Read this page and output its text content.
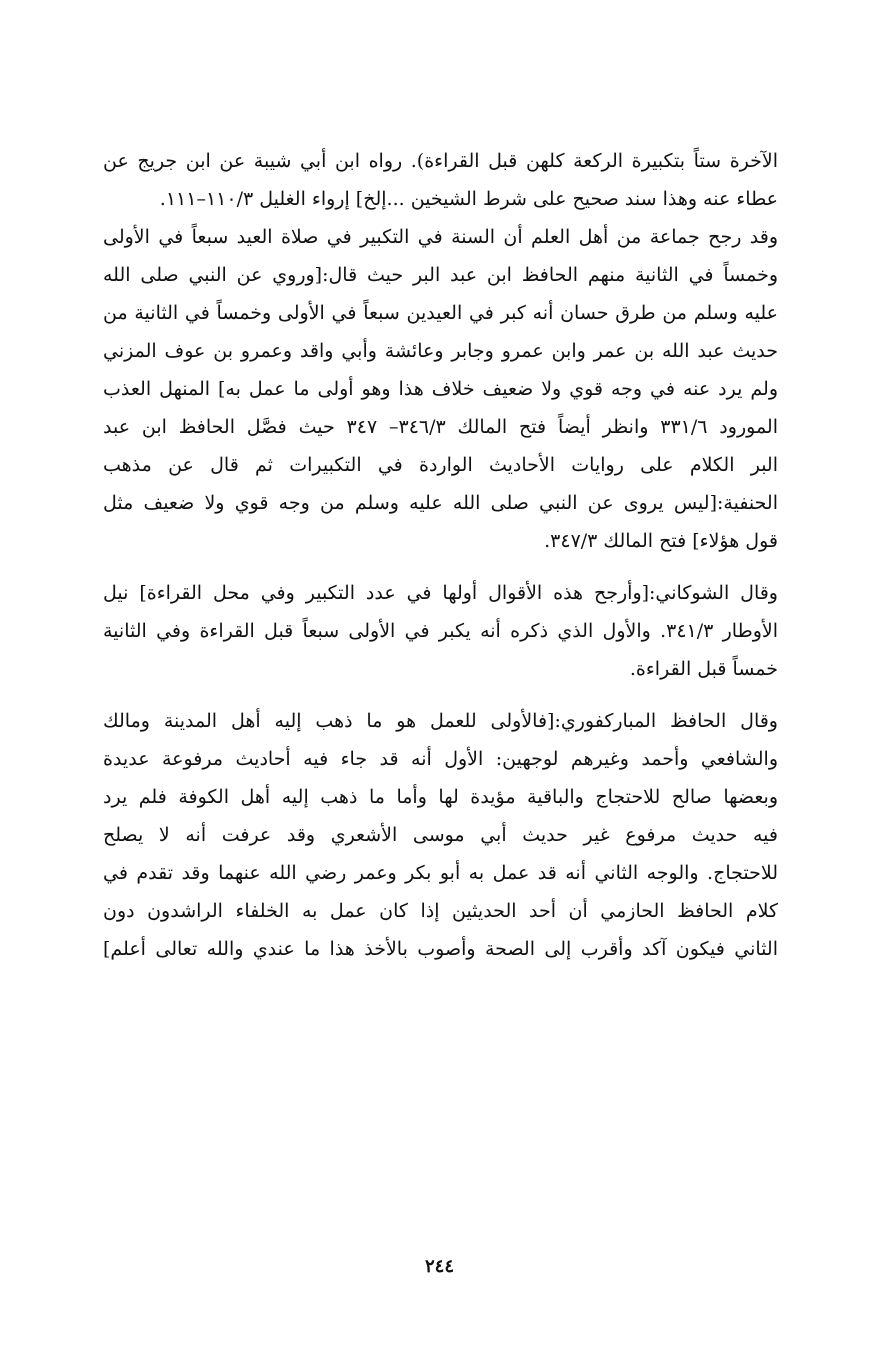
الآخرة ستاً بتكبيرة الركعة كلهن قبل القراءة). رواه ابن أبي شيبة عن ابن جريج عن
عطاء عنه وهذا سند صحيح على شرط الشيخين ...إلخ] إرواء الغليل ١١٠/٣–١١١.
وقد رجح جماعة من أهل العلم أن السنة في التكبير في صلاة العيد سبعاً في الأولى
وخمساً في الثانية منهم الحافظ ابن عبد البر حيث قال:[وروي عن النبي صلى الله
عليه وسلم من طرق حسان أنه كبر في العيدين سبعاً في الأولى وخمساً في الثانية من
حديث عبد الله بن عمر وابن عمرو وجابر وعائشة وأبي واقد وعمرو بن عوف المزني
ولم يرد عنه في وجه قوي ولا ضعيف خلاف هذا وهو أولى ما عمل به] المنهل العذب
المورود ٣٣١/٦ وانظر أيضاً فتح المالك ٣٤٦/٣– ٣٤٧ حيث فصَّل الحافظ ابن عبد
البر الكلام على روايات الأحاديث الواردة في التكبيرات ثم قال عن مذهب
الحنفية:[ليس يروى عن النبي صلى الله عليه وسلم من وجه قوي ولا ضعيف مثل
قول هؤلاء] فتح المالك ٣٤٧/٣.
وقال الشوكاني:[وأرجح هذه الأقوال أولها في عدد التكبير وفي محل القراءة] نيل
الأوطار ٣٤١/٣. والأول الذي ذكره أنه يكبر في الأولى سبعاً قبل القراءة وفي الثانية
خمساً قبل القراءة.
وقال الحافظ المباركفوري:[فالأولى للعمل هو ما ذهب إليه أهل المدينة ومالك
والشافعي وأحمد وغيرهم لوجهين: الأول أنه قد جاء فيه أحاديث مرفوعة عديدة
وبعضها صالح للاحتجاج والباقية مؤيدة لها وأما ما ذهب إليه أهل الكوفة فلم يرد
فيه حديث مرفوع غير حديث أبي موسى الأشعري وقد عرفت أنه لا يصلح
للاحتجاج. والوجه الثاني أنه قد عمل به أبو بكر وعمر رضي الله عنهما وقد تقدم في
كلام الحافظ الحازمي أن أحد الحديثين إذا كان عمل به الخلفاء الراشدون دون
الثاني فيكون آكد وأقرب إلى الصحة وأصوب بالأخذ هذا ما عندي والله تعالى أعلم]
٢٤٤
